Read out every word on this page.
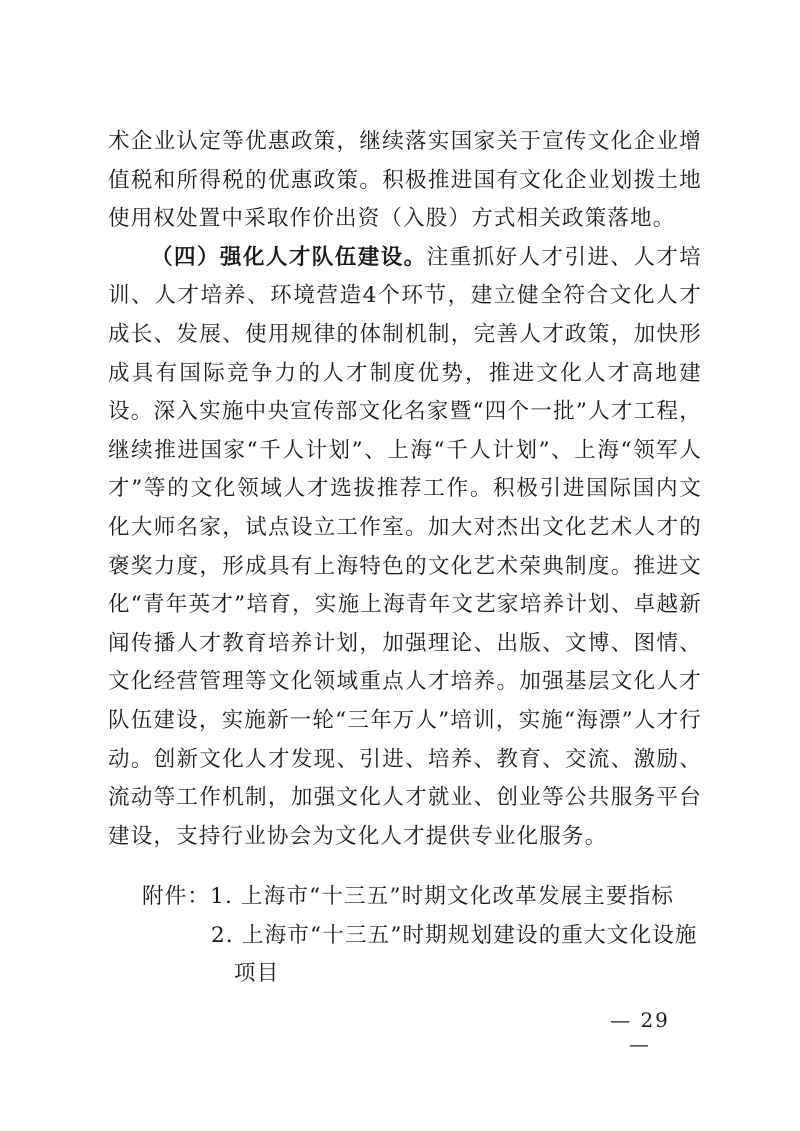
术企业认定等优惠政策，继续落实国家关于宣传文化企业增值税和所得税的优惠政策。积极推进国有文化企业划拨土地使用权处置中采取作价出资（入股）方式相关政策落地。

（四）强化人才队伍建设。注重抓好人才引进、人才培训、人才培养、环境营造4个环节，建立健全符合文化人才成长、发展、使用规律的体制机制，完善人才政策，加快形成具有国际竞争力的人才制度优势，推进文化人才高地建设。深入实施中央宣传部文化名家暨“四个一批”人才工程，继续推进国家“千人计划”、上海“千人计划”、上海“领军人才”等的文化领域人才选拔推荐工作。积极引进国际国内文化大师名家，试点设立工作室。加大对杰出文化艺术人才的褒奖力度，形成具有上海特色的文化艺术荣典制度。推进文化“青年英才”培育，实施上海青年文艺家培养计划、卓越新闻传播人才教育培养计划，加强理论、出版、文博、图情、文化经营管理等文化领域重点人才培养。加强基层文化人才队伍建设，实施新一轮“三年万人”培训，实施“海漂”人才行动。创新文化人才发现、引进、培养、教育、交流、激励、流动等工作机制，加强文化人才就业、创业等公共服务平台建设，支持行业协会为文化人才提供专业化服务。

附件：1. 上海市“十三五”时期文化改革发展主要指标
2. 上海市“十三五”时期规划建设的重大文化设施
项目
— 29 —
